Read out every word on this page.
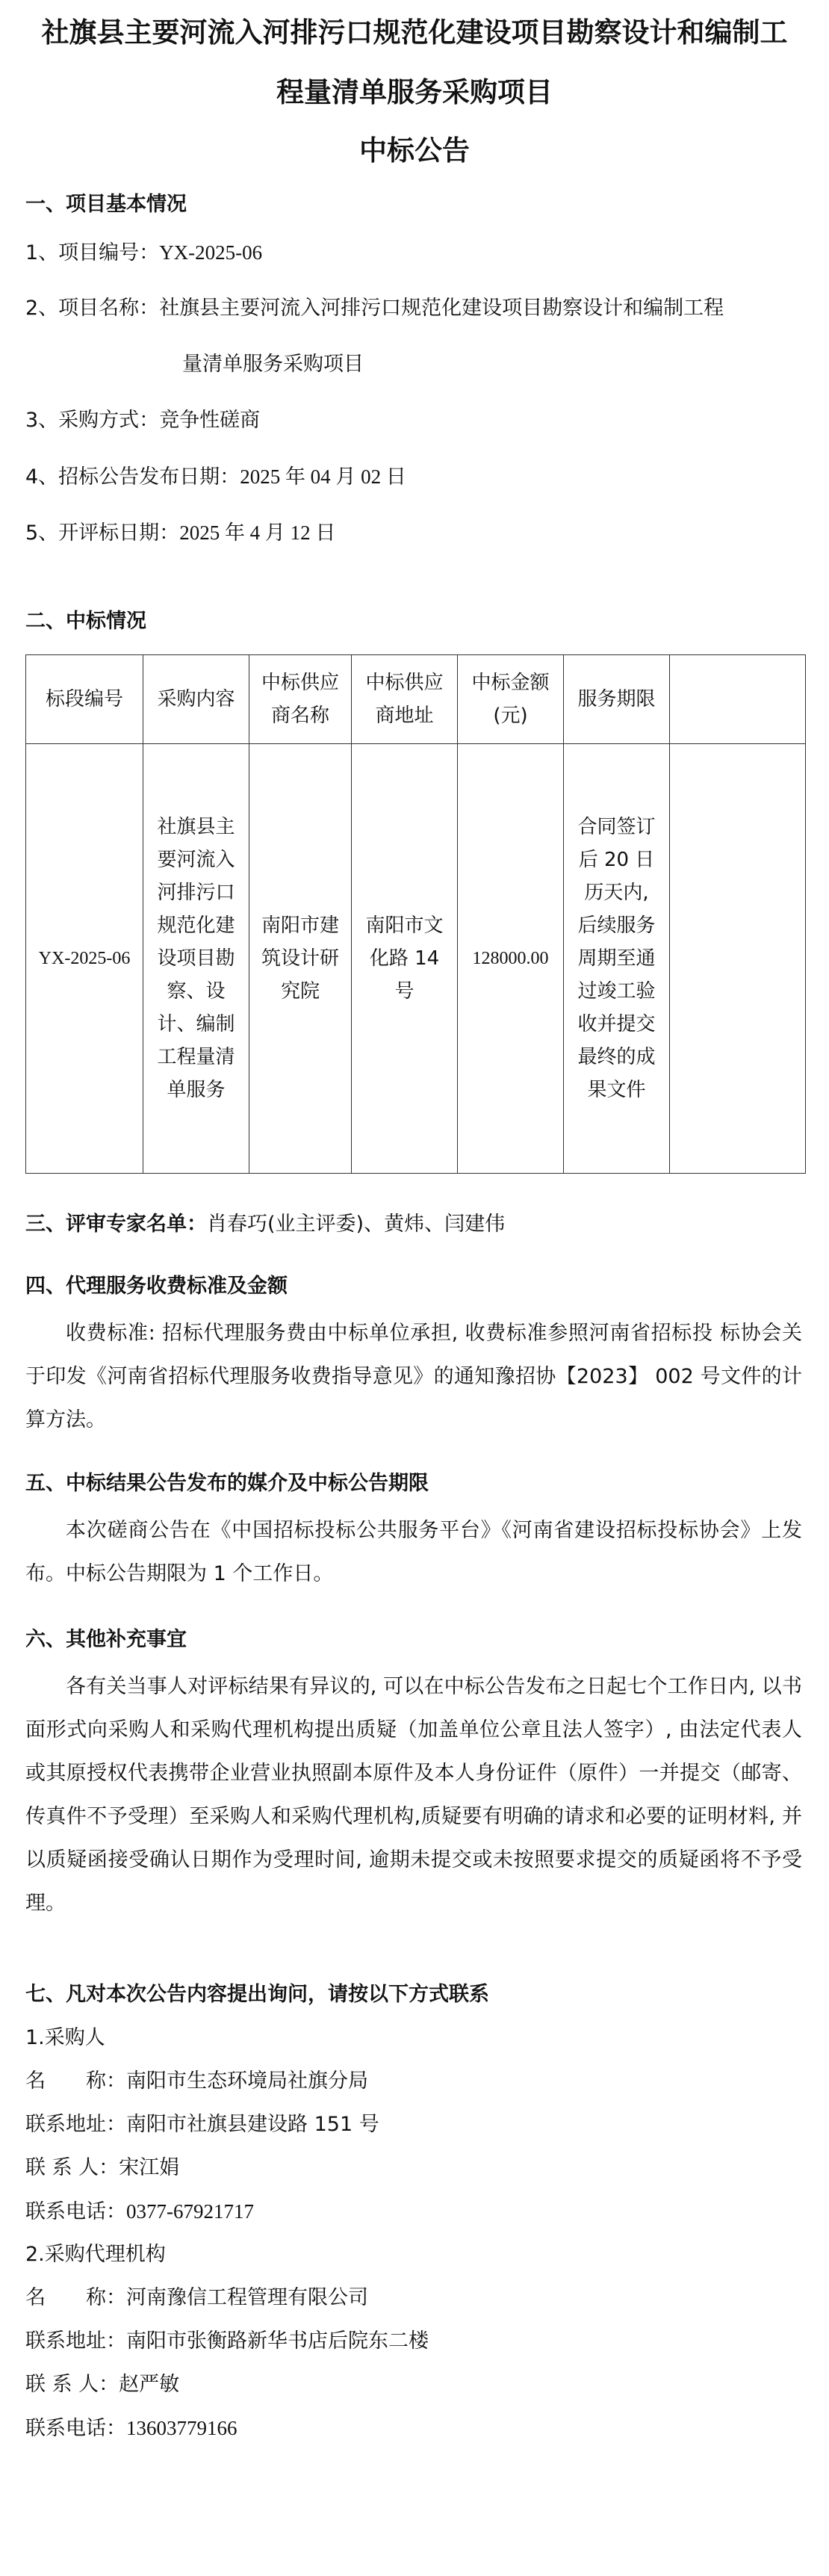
社旗县主要河流入河排污口规范化建设项目勘察设计和编制工
程量清单服务采购项目
中标公告
一、项目基本情况
1、项目编号：YX-2025-06
2、项目名称：社旗县主要河流入河排污口规范化建设项目勘察设计和编制工程
量清单服务采购项目
3、采购方式：竞争性磋商
4、招标公告发布日期：2025 年 04 月 02 日
5、开评标日期：2025 年 4 月 12 日
二、中标情况
标段编号	采购内容	中标供应商名称	中标供应商地址	中标金额(元)	服务期限	
YX-2025-06	社旗县主要河流入河排污口规范化建设项目勘察、设计、编制工程量清单服务	南阳市建筑设计研究院	南阳市文化路 14 号	128000.00	合同签订后 20 日历天内, 后续服务周期至通过竣工验收并提交最终的成果文件	

三、评审专家名单：肖春巧(业主评委)、黄炜、闫建伟
四、代理服务收费标准及金额
收费标准: 招标代理服务费由中标单位承担, 收费标准参照河南省招标投 标协会关于印发《河南省招标代理服务收费指导意见》的通知豫招协【2023】 002 号文件的计算方法。
五、中标结果公告发布的媒介及中标公告期限
本次磋商公告在《中国招标投标公共服务平台》《河南省建设招标投标协会》上发布。中标公告期限为 1 个工作日。
六、其他补充事宜
各有关当事人对评标结果有异议的, 可以在中标公告发布之日起七个工作日内, 以书面形式向采购人和采购代理机构提出质疑（加盖单位公章且法人签字）, 由法定代表人或其原授权代表携带企业营业执照副本原件及本人身份证件（原件）一并提交（邮寄、传真件不予受理）至采购人和采购代理机构,质疑要有明确的请求和必要的证明材料, 并以质疑函接受确认日期作为受理时间, 逾期未提交或未按照要求提交的质疑函将不予受理。
七、凡对本次公告内容提出询问，请按以下方式联系
1.采购人
名　　称：南阳市生态环境局社旗分局
联系地址：南阳市社旗县建设路 151 号
联 系 人：宋江娟
联系电话：0377-67921717
2.采购代理机构
名　　称：河南豫信工程管理有限公司
联系地址：南阳市张衡路新华书店后院东二楼
联 系 人：赵严敏
联系电话：13603779166
